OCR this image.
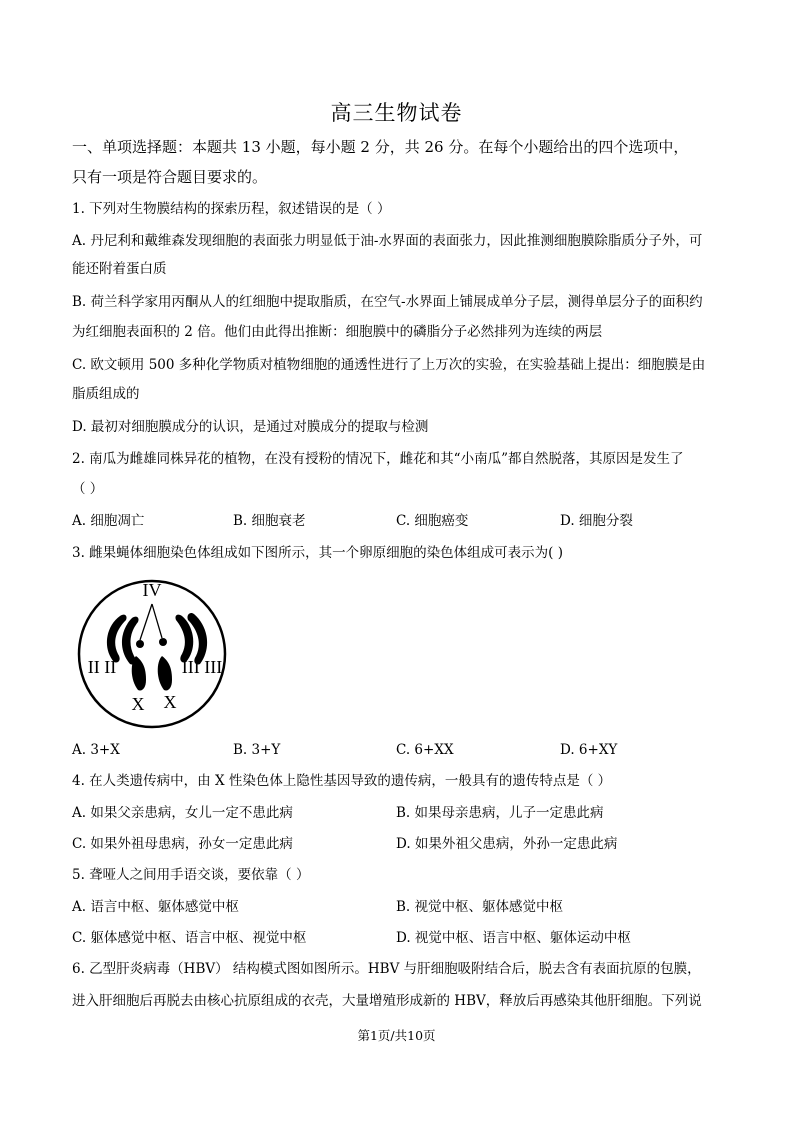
高三生物试卷
一、单项选择题：本题共 13 小题，每小题 2 分，共 26 分。在每个小题给出的四个选项中，
只有一项是符合题目要求的。
1. 下列对生物膜结构的探索历程，叙述错误的是（ ）
A. 丹尼利和戴维森发现细胞的表面张力明显低于油-水界面的表面张力，因此推测细胞膜除脂质分子外，可
能还附着蛋白质
B. 荷兰科学家用丙酮从人的红细胞中提取脂质，在空气-水界面上铺展成单分子层，测得单层分子的面积约
为红细胞表面积的 2 倍。他们由此得出推断：细胞膜中的磷脂分子必然排列为连续的两层
C. 欧文顿用 500 多种化学物质对植物细胞的通透性进行了上万次的实验，在实验基础上提出：细胞膜是由
脂质组成的
D. 最初对细胞膜成分的认识，是通过对膜成分的提取与检测
2. 南瓜为雌雄同株异花的植物，在没有授粉的情况下，雌花和其“小南瓜”都自然脱落，其原因是发生了
（ ）
A. 细胞凋亡	B. 细胞衰老	C. 细胞癌变	D. 细胞分裂
3. 雌果蝇体细胞染色体组成如下图所示，其一个卵原细胞的染色体组成可表示为( )
IV
II II	III III
X X
A. 3+X	B. 3+Y	C. 6+XX	D. 6+XY
4. 在人类遗传病中，由 X 性染色体上隐性基因导致的遗传病，一般具有的遗传特点是（ ）
A. 如果父亲患病，女儿一定不患此病	B. 如果母亲患病，儿子一定患此病
C. 如果外祖母患病，孙女一定患此病	D. 如果外祖父患病，外孙一定患此病
5. 聋哑人之间用手语交谈，要依靠（ ）
A. 语言中枢、躯体感觉中枢	B. 视觉中枢、躯体感觉中枢
C. 躯体感觉中枢、语言中枢、视觉中枢	D. 视觉中枢、语言中枢、躯体运动中枢
6. 乙型肝炎病毒（HBV） 结构模式图如图所示。HBV 与肝细胞吸附结合后，脱去含有表面抗原的包膜，
进入肝细胞后再脱去由核心抗原组成的衣壳，大量增殖形成新的 HBV，释放后再感染其他肝细胞。下列说
第1页/共10页
